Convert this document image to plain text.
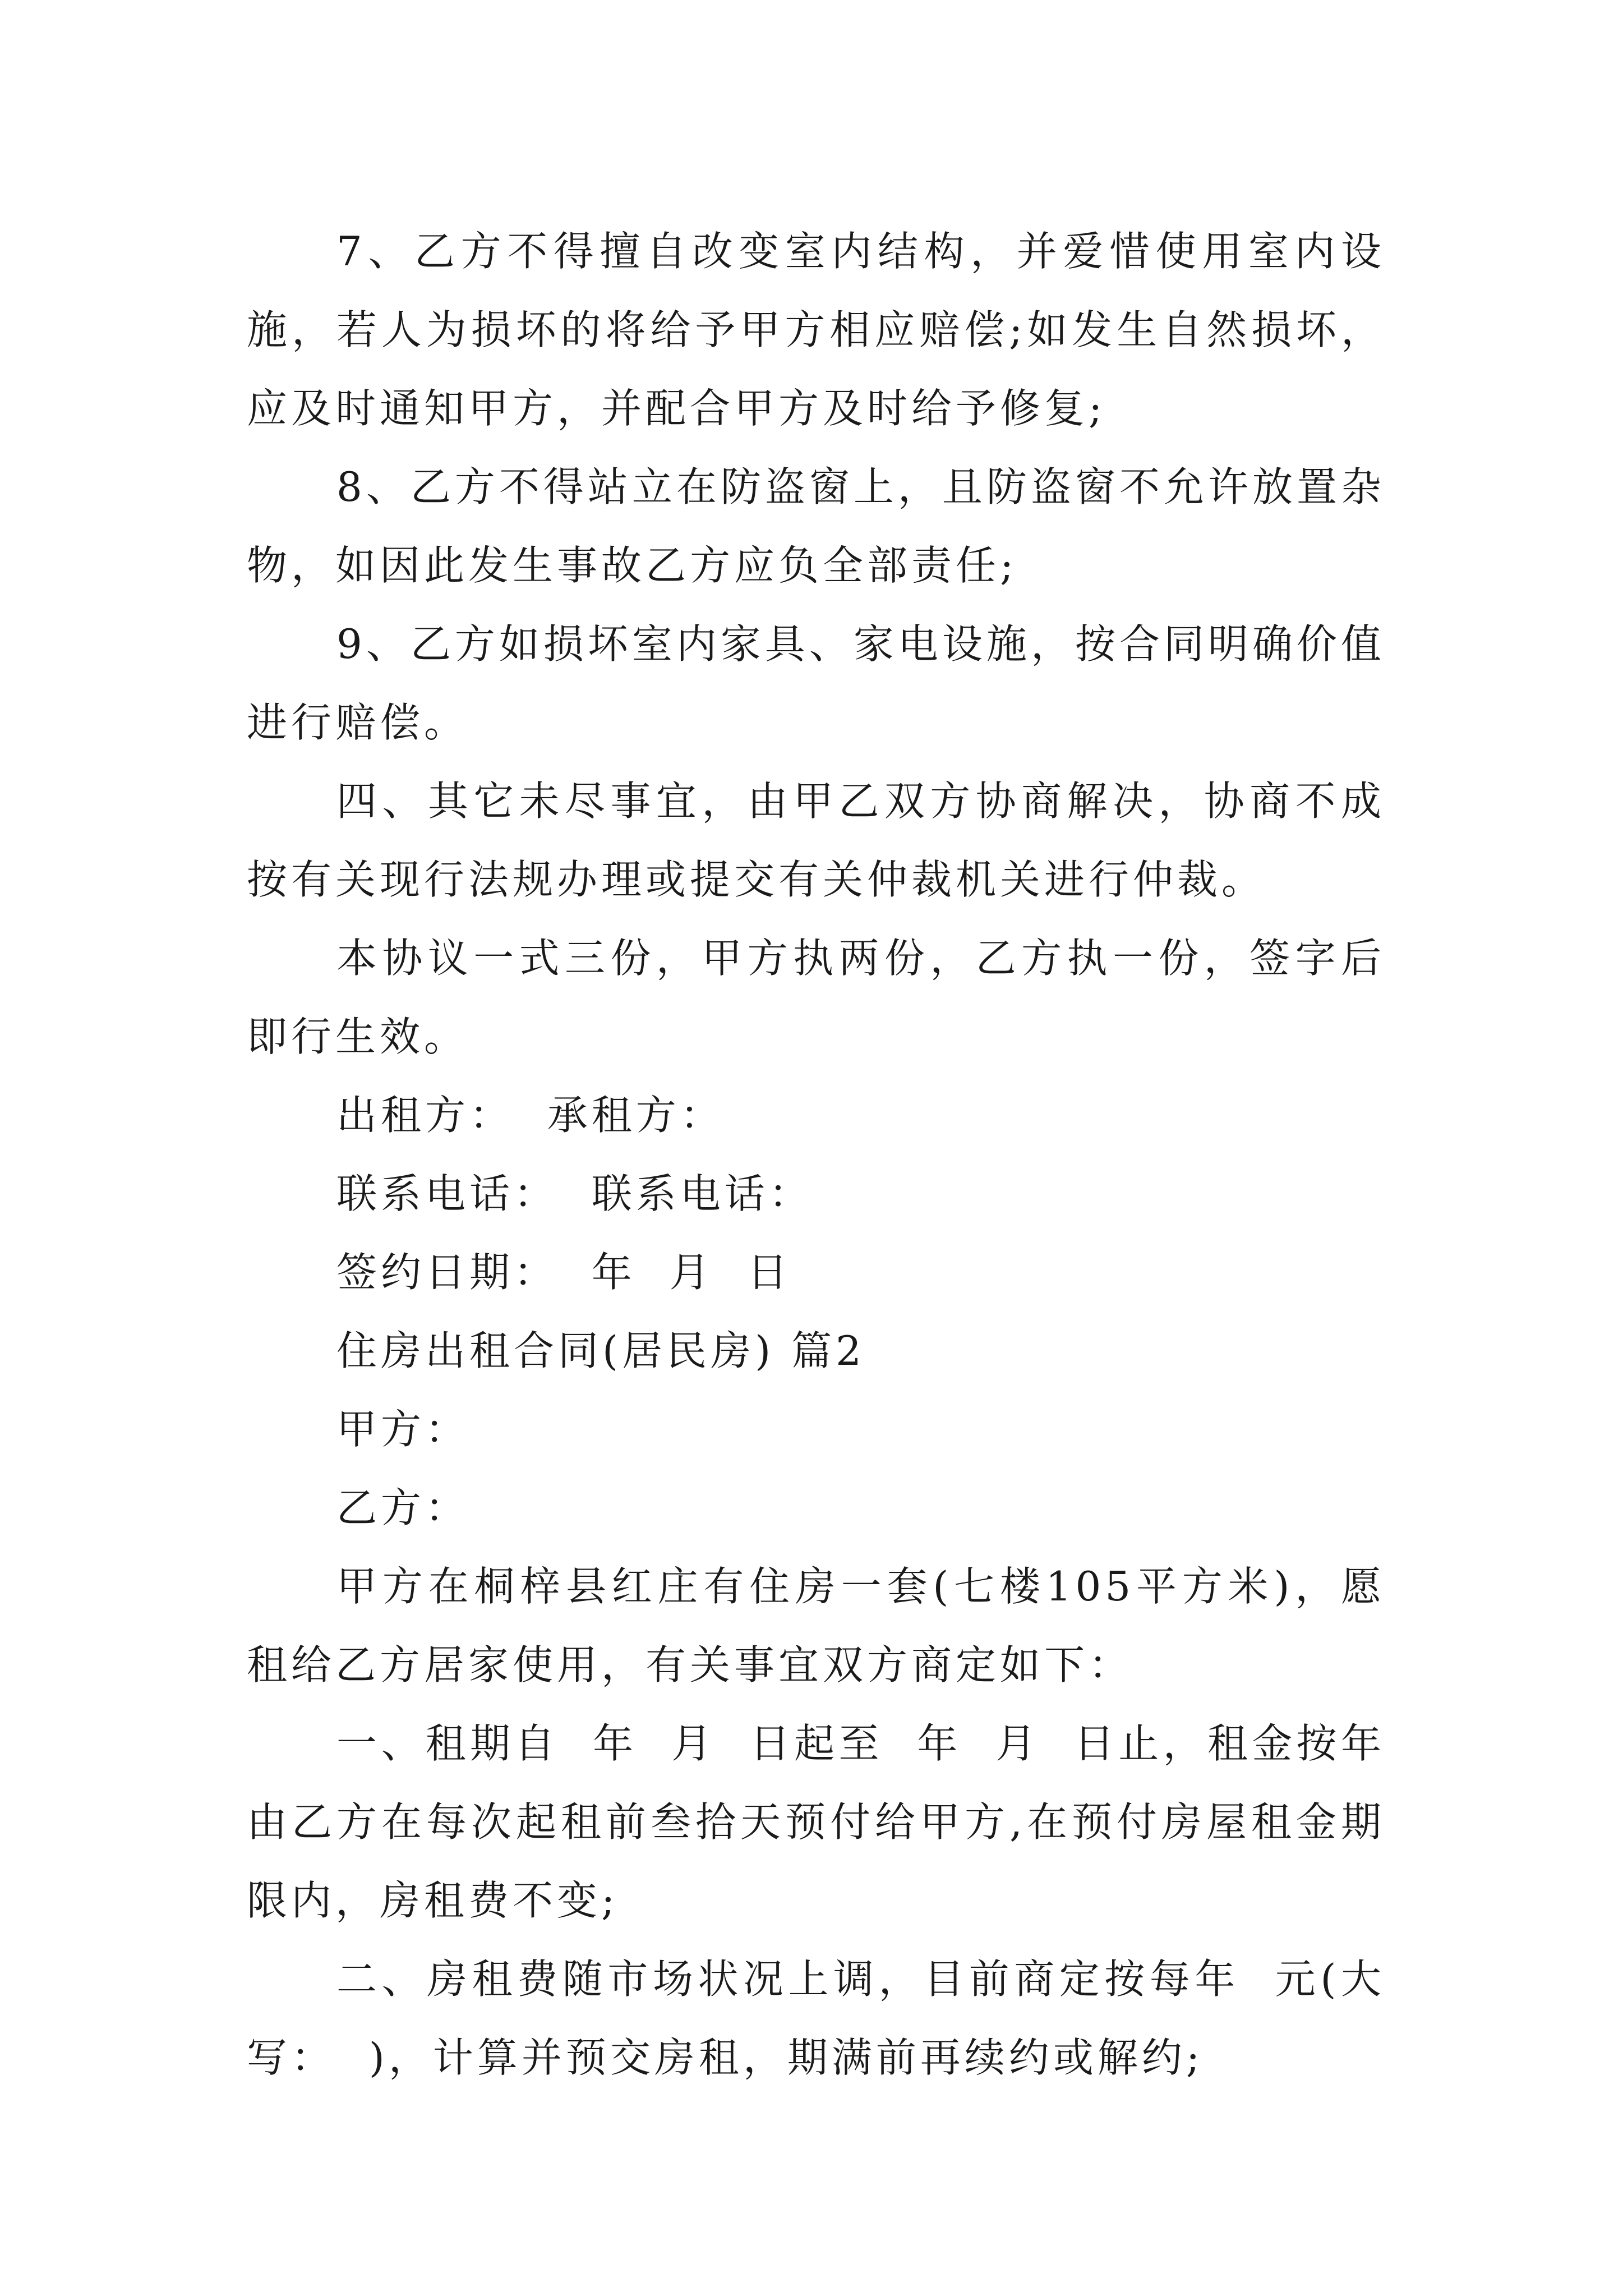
7、乙方不得擅自改变室内结构，并爱惜使用室内设施，若人为损坏的将给予甲方相应赔偿;如发生自然损坏，应及时通知甲方，并配合甲方及时给予修复;

8、乙方不得站立在防盗窗上，且防盗窗不允许放置杂物，如因此发生事故乙方应负全部责任;

9、乙方如损坏室内家具、家电设施，按合同明确价值进行赔偿。

四、其它未尽事宜，由甲乙双方协商解决，协商不成按有关现行法规办理或提交有关仲裁机关进行仲裁。

本协议一式三份，甲方执两份，乙方执一份，签字后即行生效。

出租方：  承租方：

联系电话：  联系电话：

签约日期：  年  月  日

住房出租合同(居民房) 篇2

甲方：

乙方：

甲方在桐梓县红庄有住房一套(七楼105平方米)，愿租给乙方居家使用，有关事宜双方商定如下：

一、租期自  年  月  日起至  年  月  日止，租金按年由乙方在每次起租前叁拾天预付给甲方,在预付房屋租金期限内，房租费不变;

二、房租费随市场状况上调，目前商定按每年  元(大写：  )，计算并预交房租，期满前再续约或解约;
